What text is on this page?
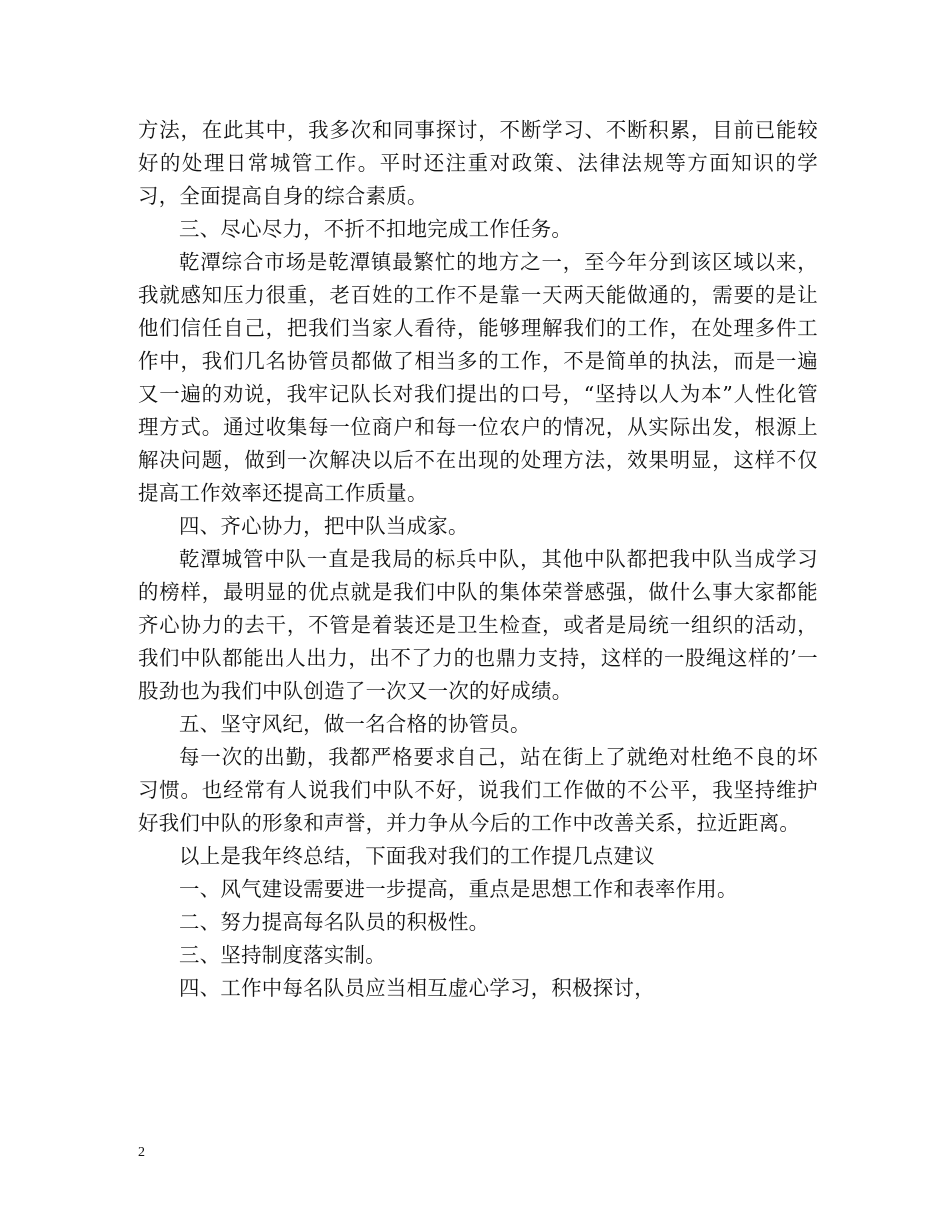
方法，在此其中，我多次和同事探讨，不断学习、不断积累，目前已能较好的处理日常城管工作。平时还注重对政策、法律法规等方面知识的学习，全面提高自身的综合素质。

三、尽心尽力，不折不扣地完成工作任务。

乾潭综合市场是乾潭镇最繁忙的地方之一，至今年分到该区域以来，我就感知压力很重，老百姓的工作不是靠一天两天能做通的，需要的是让他们信任自己，把我们当家人看待，能够理解我们的工作，在处理多件工作中，我们几名协管员都做了相当多的工作，不是简单的执法，而是一遍又一遍的劝说，我牢记队长对我们提出的口号，“坚持以人为本”人性化管理方式。通过收集每一位商户和每一位农户的情况，从实际出发，根源上解决问题，做到一次解决以后不在出现的处理方法，效果明显，这样不仅提高工作效率还提高工作质量。

四、齐心协力，把中队当成家。

乾潭城管中队一直是我局的标兵中队，其他中队都把我中队当成学习的榜样，最明显的优点就是我们中队的集体荣誉感强，做什么事大家都能齐心协力的去干，不管是着装还是卫生检查，或者是局统一组织的活动，我们中队都能出人出力，出不了力的也鼎力支持，这样的一股绳这样的’一股劲也为我们中队创造了一次又一次的好成绩。

五、坚守风纪，做一名合格的协管员。

每一次的出勤，我都严格要求自己，站在街上了就绝对杜绝不良的坏习惯。也经常有人说我们中队不好，说我们工作做的不公平，我坚持维护好我们中队的形象和声誉，并力争从今后的工作中改善关系，拉近距离。

以上是我年终总结，下面我对我们的工作提几点建议

一、风气建设需要进一步提高，重点是思想工作和表率作用。

二、努力提高每名队员的积极性。

三、坚持制度落实制。

四、工作中每名队员应当相互虚心学习，积极探讨，

2
